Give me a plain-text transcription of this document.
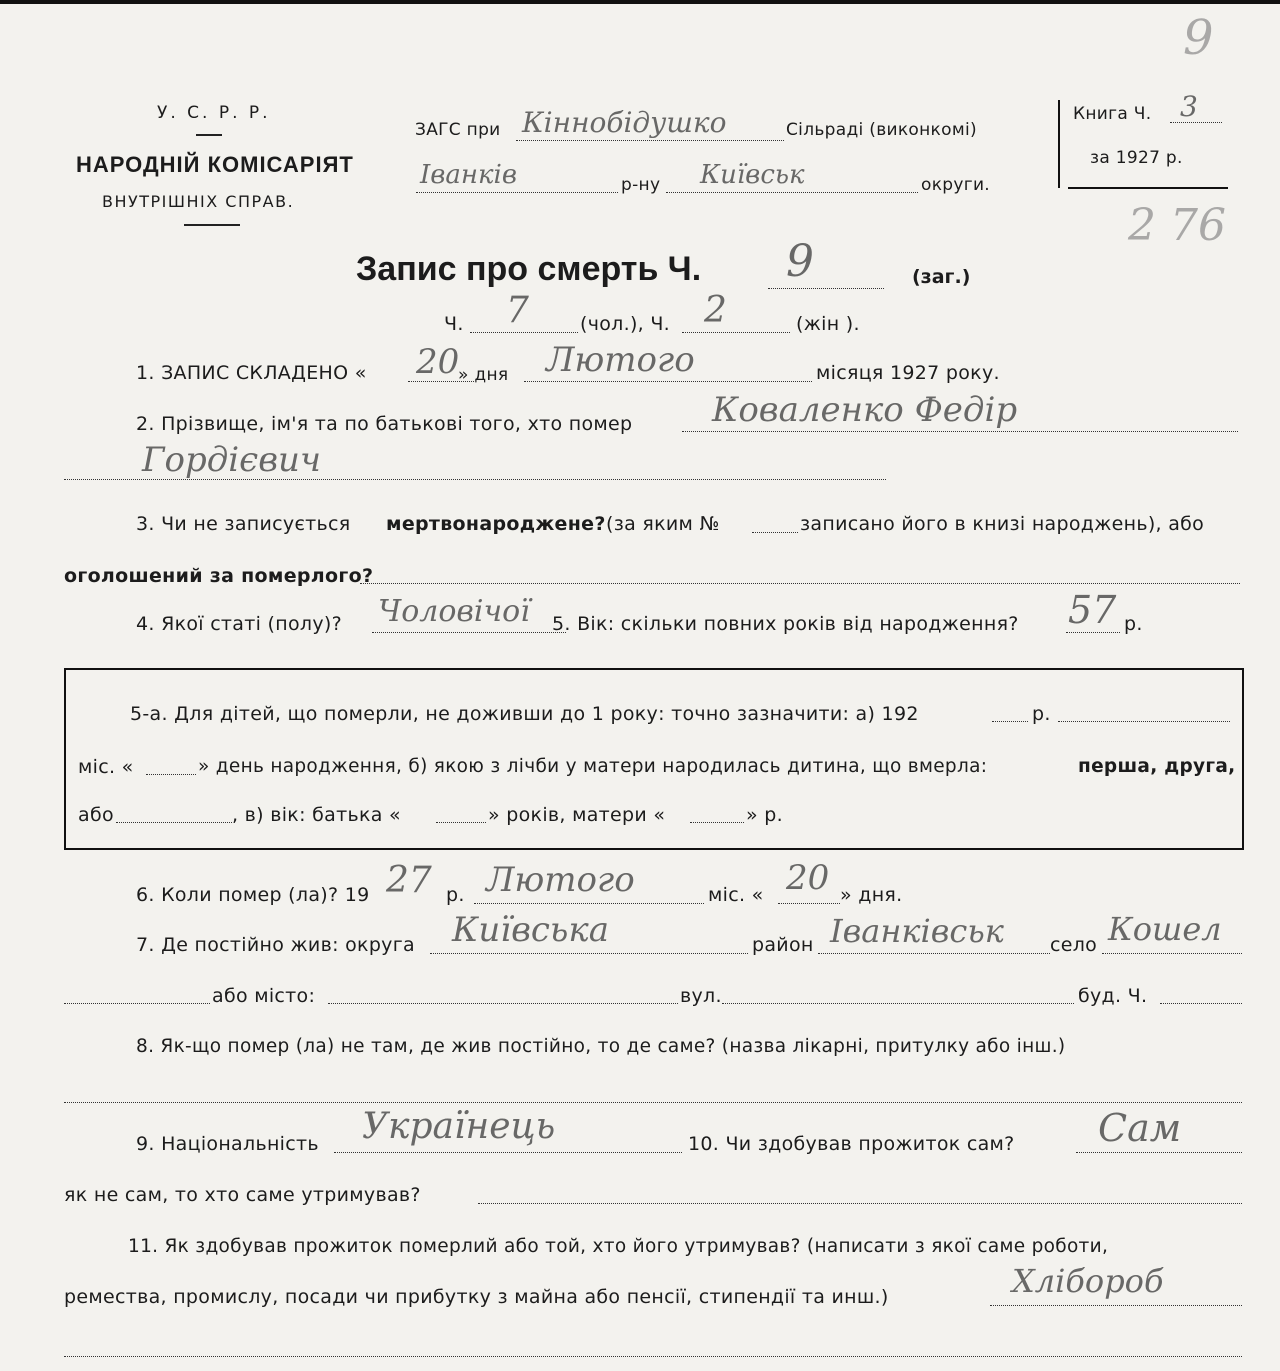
У. С. Р. Р.
НАРОДНІЙ КОМІСАРІЯТ
ВНУТРІШНІХ СПРАВ.
ЗАГС при Кіннобідушко	Сільраді (виконкомі)
Іванків	р-ну Київськ	округи.
Книга Ч. 3
за 1927 р.
9
2 76
Запис про смерть Ч. 9	(заг.)
Ч. 7	(чол.), Ч. 2	(жін ).
1. ЗАПИС СКЛАДЕНО « 20
» дня Лютого	місяця 1927 року.
2. Прізвище, ім'я та по батькові того, хто помер Коваленко Федір
Гордієвич
3. Чи не записується мертвонароджене? (за яким №	записано його в книзі народжень), або
оголошений за померлого?
4. Якої статі (полу)? Чоловічої 5. Вік: скільки повних років від народження? 57 р.
5-а. Для дітей, що померли, не доживши до 1 року: точно зазначити: а) 192	р.
міс. «	» день народження, б) якою з лічби у матери народилась дитина, що вмерла:	перша, друга,
або	, в) вік: батька «	» років, матери «	» р.
6. Коли помер (ла)? 19 27 р. Лютого	міс. « 20 » дня.
7. Де постійно жив: округа Київська	район Іванківськ село Кошел
або місто:	вул.	буд. Ч.
8. Як-що помер (ла) не там, де жив постійно, то де саме? (назва лікарні, притулку або інш.)
9. Національність Українець	10. Чи здобував прожиток сам? Сам
як не сам, то хто саме утримував?
11. Як здобував прожиток померлий або той, хто його утримував? (написати з якої саме роботи,
ремества, промислу, посади чи прибутку з майна або пенсії, стипендії та инш.)	Хлібороб
